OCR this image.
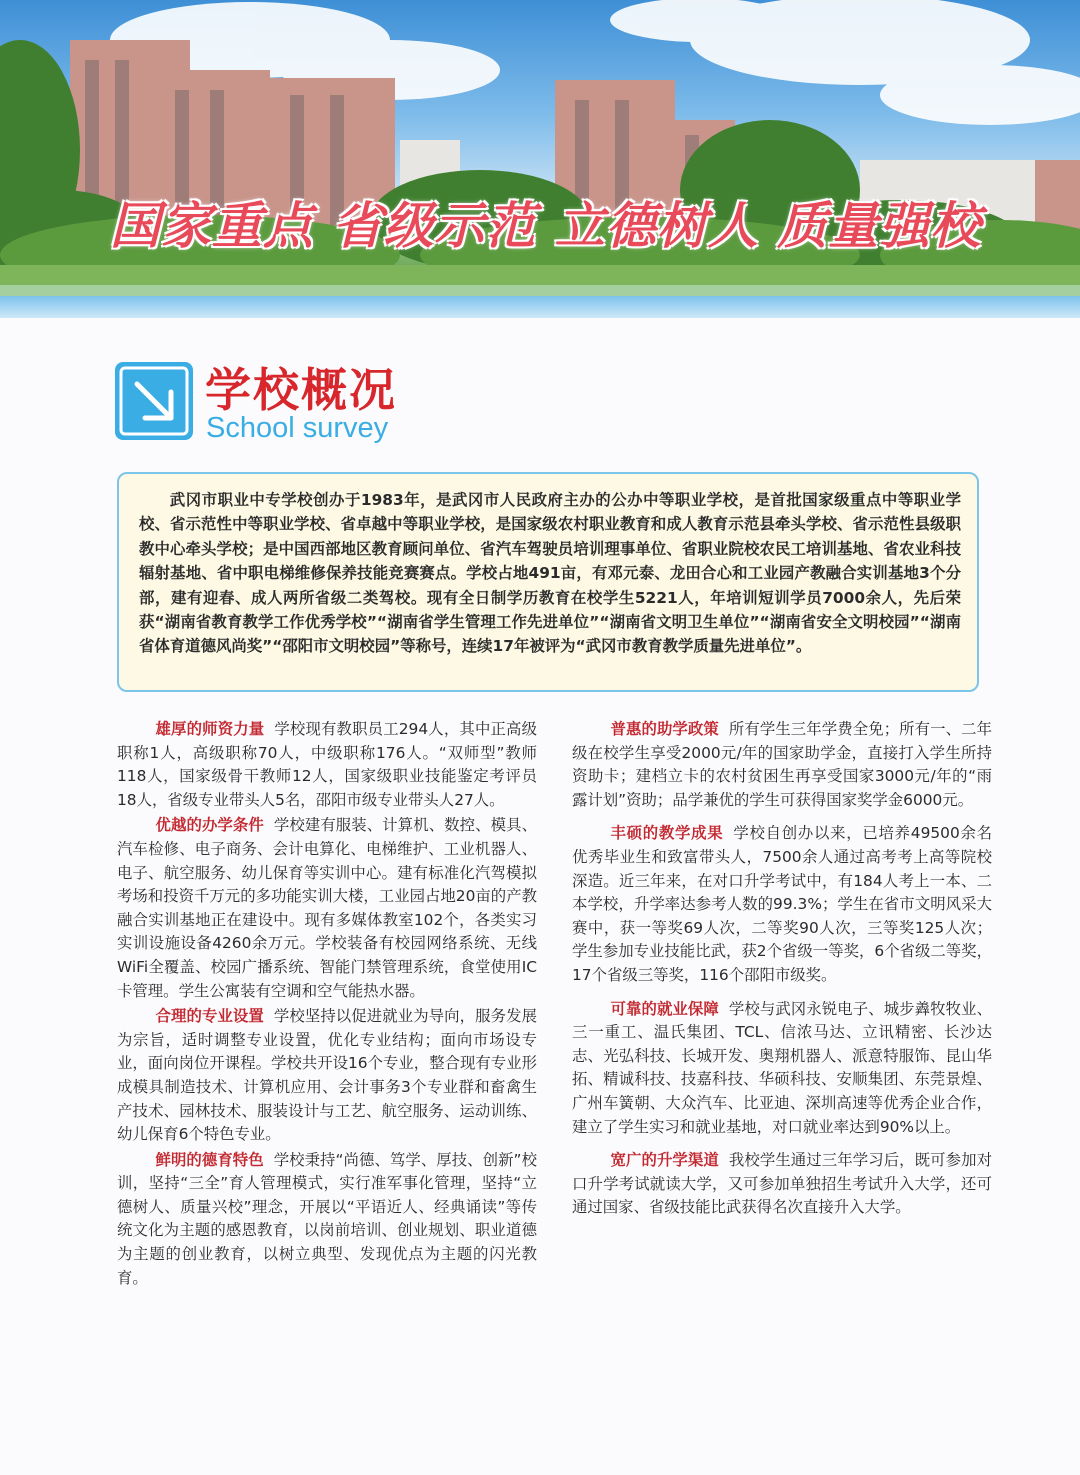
国家重点 省级示范 立德树人 质量强校
学校概况
School survey

武冈市职业中专学校创办于1983年，是武冈市人民政府主办的公办中等职业学校，是首批国家级重点中等职业学校、省示范性中等职业学校、省卓越中等职业学校，是国家级农村职业教育和成人教育示范县牵头学校、省示范性县级职教中心牵头学校；是中国西部地区教育顾问单位、省汽车驾驶员培训理事单位、省职业院校农民工培训基地、省农业科技辐射基地、省中职电梯维修保养技能竞赛赛点。学校占地491亩，有邓元泰、龙田合心和工业园产教融合实训基地3个分部，建有迎春、成人两所省级二类驾校。现有全日制学历教育在校学生5221人，年培训短训学员7000余人，先后荣获“湖南省教育教学工作优秀学校”“湖南省学生管理工作先进单位”“湖南省文明卫生单位”“湖南省安全文明校园”“湖南省体育道德风尚奖”“邵阳市文明校园”等称号，连续17年被评为“武冈市教育教学质量先进单位”。

雄厚的师资力量 学校现有教职员工294人，其中正高级职称1人，高级职称70人，中级职称176人。“双师型”教师118人，国家级骨干教师12人，国家级职业技能鉴定考评员18人，省级专业带头人5名，邵阳市级专业带头人27人。

优越的办学条件 学校建有服装、计算机、数控、模具、汽车检修、电子商务、会计电算化、电梯维护、工业机器人、电子、航空服务、幼儿保育等实训中心。建有标准化汽驾模拟考场和投资千万元的多功能实训大楼，工业园占地20亩的产教融合实训基地正在建设中。现有多媒体教室102个，各类实习实训设施设备4260余万元。学校装备有校园网络系统、无线WiFi全覆盖、校园广播系统、智能门禁管理系统，食堂使用IC卡管理。学生公寓装有空调和空气能热水器。

合理的专业设置 学校坚持以促进就业为导向，服务发展为宗旨，适时调整专业设置，优化专业结构；面向市场设专业，面向岗位开课程。学校共开设16个专业，整合现有专业形成模具制造技术、计算机应用、会计事务3个专业群和畜禽生产技术、园林技术、服装设计与工艺、航空服务、运动训练、幼儿保育6个特色专业。

鲜明的德育特色 学校秉持“尚德、笃学、厚技、创新”校训，坚持“三全”育人管理模式，实行准军事化管理，坚持“立德树人、质量兴校”理念，开展以“平语近人、经典诵读”等传统文化为主题的感恩教育，以岗前培训、创业规划、职业道德为主题的创业教育，以树立典型、发现优点为主题的闪光教育。

普惠的助学政策 所有学生三年学费全免；所有一、二年级在校学生享受2000元/年的国家助学金，直接打入学生所持资助卡；建档立卡的农村贫困生再享受国家3000元/年的“雨露计划”资助；品学兼优的学生可获得国家奖学金6000元。

丰硕的教学成果 学校自创办以来，已培养49500余名优秀毕业生和致富带头人，7500余人通过高考考上高等院校深造。近三年来，在对口升学考试中，有184人考上一本、二本学校，升学率达参考人数的99.3%；学生在省市文明风采大赛中，获一等奖69人次，二等奖90人次，三等奖125人次；学生参加专业技能比武，获2个省级一等奖，6个省级二等奖，17个省级三等奖，116个邵阳市级奖。

可靠的就业保障 学校与武冈永锐电子、城步羴牧牧业、三一重工、温氏集团、TCL、信浓马达、立讯精密、长沙达志、光弘科技、长城开发、奥翔机器人、派意特服饰、昆山华拓、精诚科技、技嘉科技、华硕科技、安顺集团、东莞景煌、广州车簧朝、大众汽车、比亚迪、深圳高速等优秀企业合作，建立了学生实习和就业基地，对口就业率达到90%以上。

宽广的升学渠道 我校学生通过三年学习后，既可参加对口升学考试就读大学，又可参加单独招生考试升入大学，还可通过国家、省级技能比武获得名次直接升入大学。
